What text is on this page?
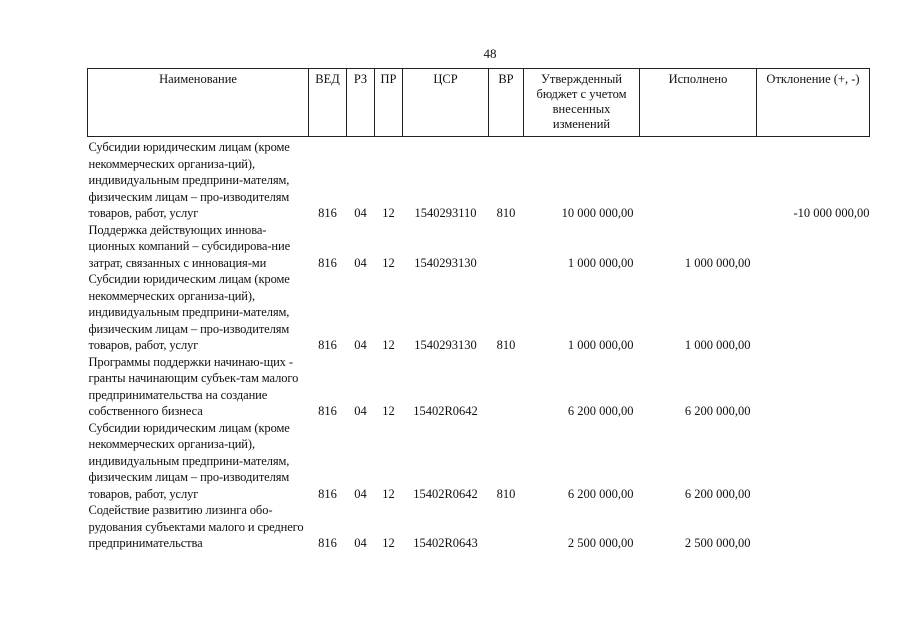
48
Наименование	ВЕД	РЗ	ПР	ЦСР	ВР	Утвержденный бюджет с учетом внесенных изменений	Исполнено	Отклонение (+, -)
Субсидии юридическим лицам (кроме некоммерческих организа-ций), индивидуальным предприни-мателям, физическим лицам – про-изводителям товаров, работ, услуг	816	04	12	1540293110	810	10 000 000,00		-10 000 000,00
Поддержка действующих иннова-ционных компаний – субсидирова-ние затрат, связанных с инновация-ми	816	04	12	1540293130		1 000 000,00	1 000 000,00	
Субсидии юридическим лицам (кроме некоммерческих организа-ций), индивидуальным предприни-мателям, физическим лицам – про-изводителям товаров, работ, услуг	816	04	12	1540293130	810	1 000 000,00	1 000 000,00	
Программы поддержки начинаю-щих - гранты начинающим субъек-там малого предпринимательства на создание собственного бизнеса	816	04	12	15402R0642		6 200 000,00	6 200 000,00	
Субсидии юридическим лицам (кроме некоммерческих организа-ций), индивидуальным предприни-мателям, физическим лицам – про-изводителям товаров, работ, услуг	816	04	12	15402R0642	810	6 200 000,00	6 200 000,00	
Содействие развитию лизинга обо-рудования субъектами малого и среднего предпринимательства	816	04	12	15402R0643		2 500 000,00	2 500 000,00	
